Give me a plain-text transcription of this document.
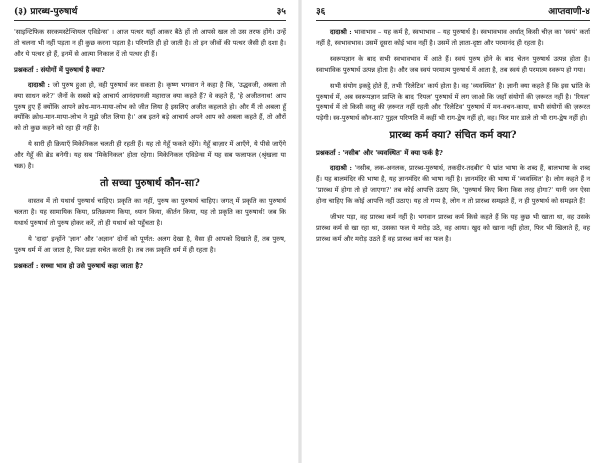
(३) प्रारब्ध-पुरुषार्थ	३५

'साइन्टिफिक सरकमस्टेन्शियल एविडेन्स' । आज पत्थर यहाँ आकर बैठे हों तो आपसे खल तो उस तरफ होंगे। उन्हें तो चलना भी नहीं पड़ता न ही कुछ करना पड़ता है। परिणति ही हो जाती है। तो इन जीवों की पत्थर जैसी ही दशा है। और ये पत्थर हो हैं, इनमें से आत्मा निकाल दें तो पत्थर ही हैं।

प्रश्नकर्ता : संयोगों में पुरुषार्थ है क्या?

दादाश्री : जो पुरुष हुआ हो, वही पुरुषार्थ कर सकता है। कृष्ण भगवान ने कहा है कि, 'उद्धवजी, अबला तो क्या साधन करे?' जैनों के सबसे बड़े आचार्य आनंदघनजी महाराज क्या कहते हैं? वे कहते हैं, 'हे अजीतनाथ! आप पुरुष हुए हैं क्योंकि आपने क्रोध-मान-माया-लोभ को जीत लिया है इसलिए अजीत कहलाते हो। और मैं तो अबला हूँ क्योंकि क्रोध-मान-माया-लोभ ने मुझे जीत लिया है।' अब इतने बड़े आचार्य अपने आप को अबला कहते हैं, तो औरों को तो कुछ कहने को रहा ही नहीं है।

ये सारी ही क्रियाएँ मिकेनिकल चलती ही रहती हैं। यह तो गेहूँ फकते रहेंगे। गेहूँ बाज़ार में आएँगे, ये पीसे जाएँगे और गेहूँ की ब्रेड बनेगी। यह सब 'मिकेनिकल' होता रहेगा। मिकेनिकल एविडेन्स में यह सब फलाफल (श्रृंखला या चक्र) है।

तो सच्चा पुरुषार्थ कौन-सा?

वास्तव में तो यथार्थ पुरुषार्थ चाहिए। प्रकृति का नहीं, पुरुष का पुरुषार्थ चाहिए। जगत् में प्रकृति का पुरुषार्थ चलता है। यह सामायिक किया, प्रतिक्रमण किया, ध्यान किया, कीर्तन किया, यह तो प्रकृति का पुरुषार्थ! जब कि यथार्थ पुरुषार्थ तो पुरुष होकर करें, तो ही यथार्थ को पहुँचता है।

ये 'दादा' इन्होंने 'ज्ञान' और 'अज्ञान' दोनों को पूर्णत: अलग देखा है, वैसा ही आपको दिखाते हैं, तब पुरुष, पुरुष धर्म में आ जाता है, फिर प्रज्ञा सचेत करती है। तब तक प्रकृति धर्म में ही रहता है।

प्रश्नकर्ता : सच्चा भाव हो उसे पुरुषार्थ कहा जाता है?
३६	आप्तवाणी-४

दादाश्री : भावाभाव – यह कर्म है, स्वभाभाव – यह पुरुषार्थ है। स्वभावभाव अर्थात् किसी चीज़ का 'स्वयं' कर्ता नहीं है, स्वभावभाव। उसमें दूसरा कोई भाव नहीं है। उसमें तो ज्ञाता-दृष्टा और परमानंद ही रहता है।

स्वरूपज्ञान के बाद सभी स्वभावभाव में आते हैं। स्वयं पुरुष होने के बाद चेतन पुरुषार्थ उत्पन्न होता है। स्वाभाविक पुरुषार्थ उत्पन्न होता है। और जब स्वयं परमात्म पुरुषार्थ में आता है, तब स्वयं ही परमात्म स्वरूप हो गया।

सभी संयोग इकट्ठे होते हैं, तभी 'रिलेटिव' कार्य होता है। वह 'व्यवस्थित' है। ज्ञानी क्या कहते हैं कि इस भ्रांति के पुरुषार्थ में, अब स्वरूपज्ञान प्राप्ति के बाद 'रियल' पुरुषार्थ में लग जाओ कि जहाँ संयोगों की ज़रूरत नहीं है। 'रियल' पुरुषार्थ में तो किसी वस्तु की ज़रूरत नहीं रहती और 'रिलेटिव' पुरुषार्थ में मन-वचन-काया, सभी संयोगों की ज़रूरत पड़ेगी। स्व-पुरुषार्थ कौन-सा? पुद्गल परिणति में कहीं भी राग-द्वेष नहीं हो, वह। फिर मार डाले तो भी राग-द्वेष नहीं हो।

प्रारब्ध कर्म क्या? संचित कर्म क्या?
प्रश्नकर्ता : 'नसीब' और 'व्यवस्थित' में क्या फर्क है?

दादाश्री : 'नसीब, लक-अनलक, प्रारब्ध-पुरुषार्थ, तकदीर-तदबीर' ये भ्रांत भाषा के शब्द हैं, बालभाषा के शब्द हैं। यह बालमंदिर की भाषा है, यह ज्ञानमंदिर की भाषा नहीं है। ज्ञानमंदिर की भाषा में 'व्यवस्थित' है। लोग कहते हैं न 'प्रारब्ध में होगा तो हो जाएगा?' तब कोई आपत्ति उठाए कि, 'पुरुषार्थ किए बिना किस तरह होगा?' यानी जन ऐसा होना चाहिए कि कोई आपत्ति नहीं उठाए। यह तो गप्प है, लोग न तो प्रारब्ध समझते हैं, न ही पुरुषार्थ को समझते हैं!

जीभर पड़ा, वह प्रारब्ध कर्म नहीं है। भगवान प्रारब्ध कर्म किसे कहते हैं कि यह कुछ भी खाता था, वह उसके प्रारब्ध कर्म से खा रहा था, उसका फल ये मरोड़ उठे, वह आया। खुद को खाना नहीं होता, फिर भी खिलाते हैं, वह प्रारब्ध कर्म और मरोड़ उठते हैं वह प्रारब्ध कर्म का फल है।
